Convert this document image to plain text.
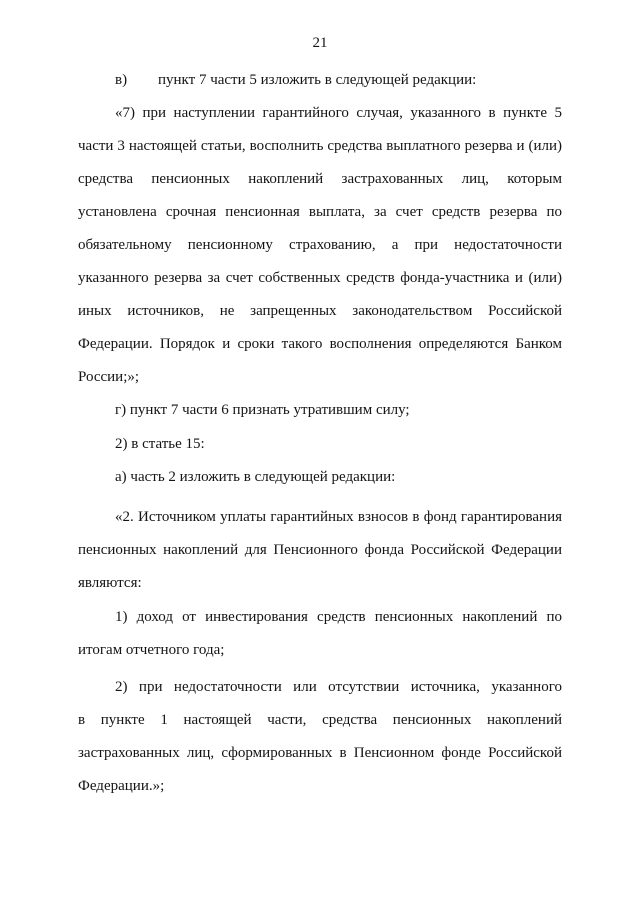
21
в) пункт 7 части 5 изложить в следующей редакции:
«7) при наступлении гарантийного случая, указанного в пункте 5
части 3 настоящей статьи, восполнить средства выплатного резерва и (или)
средства пенсионных накоплений застрахованных лиц, которым
установлена срочная пенсионная выплата, за счет средств резерва по
обязательному пенсионному страхованию, а при недостаточности
указанного резерва за счет собственных средств фонда-участника и (или)
иных источников, не запрещенных законодательством Российской
Федерации. Порядок и сроки такого восполнения определяются Банком
России;»;
г) пункт 7 части 6 признать утратившим силу;
2) в статье 15:
а) часть 2 изложить в следующей редакции:
«2. Источником уплаты гарантийных взносов в фонд гарантирования
пенсионных накоплений для Пенсионного фонда Российской Федерации
являются:
1) доход от инвестирования средств пенсионных накоплений по
итогам отчетного года;
2) при недостаточности или отсутствии источника, указанного
в пункте 1 настоящей части, средства пенсионных накоплений
застрахованных лиц, сформированных в Пенсионном фонде Российской
Федерации.»;
